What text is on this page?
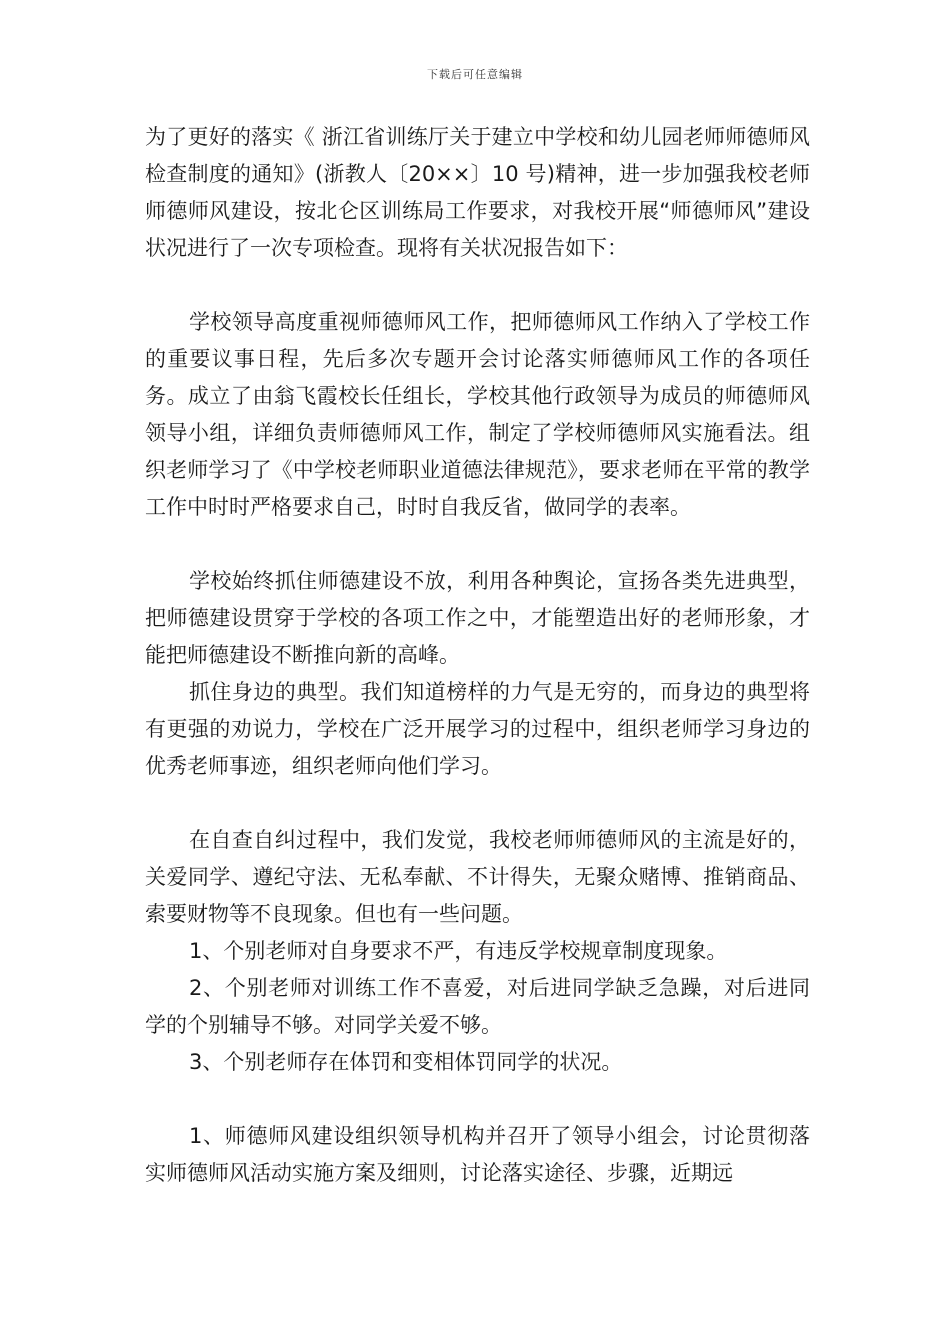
下载后可任意编辑

为了更好的落实《 浙江省训练厅关于建立中学校和幼儿园老师师德师风检查制度的通知》(浙教人〔20××〕10 号)精神，进一步加强我校老师师德师风建设，按北仑区训练局工作要求，对我校开展“师德师风”建设状况进行了一次专项检查。现将有关状况报告如下：

学校领导高度重视师德师风工作，把师德师风工作纳入了学校工作的重要议事日程，先后多次专题开会讨论落实师德师风工作的各项任务。成立了由翁飞霞校长任组长，学校其他行政领导为成员的师德师风领导小组，详细负责师德师风工作，制定了学校师德师风实施看法。组织老师学习了《中学校老师职业道德法律规范》，要求老师在平常的教学工作中时时严格要求自己，时时自我反省，做同学的表率。

学校始终抓住师德建设不放，利用各种舆论，宣扬各类先进典型，把师德建设贯穿于学校的各项工作之中，才能塑造出好的老师形象，才能把师德建设不断推向新的高峰。

抓住身边的典型。我们知道榜样的力气是无穷的，而身边的典型将有更强的劝说力，学校在广泛开展学习的过程中，组织老师学习身边的优秀老师事迹，组织老师向他们学习。

在自查自纠过程中，我们发觉，我校老师师德师风的主流是好的，关爱同学、遵纪守法、无私奉献、不计得失，无聚众赌博、推销商品、索要财物等不良现象。但也有一些问题。

1、个别老师对自身要求不严，有违反学校规章制度现象。

2、个别老师对训练工作不喜爱，对后进同学缺乏急躁，对后进同学的个别辅导不够。对同学关爱不够。

3、个别老师存在体罚和变相体罚同学的状况。

1、师德师风建设组织领导机构并召开了领导小组会，讨论贯彻落实师德师风活动实施方案及细则，讨论落实途径、步骤，近期远
